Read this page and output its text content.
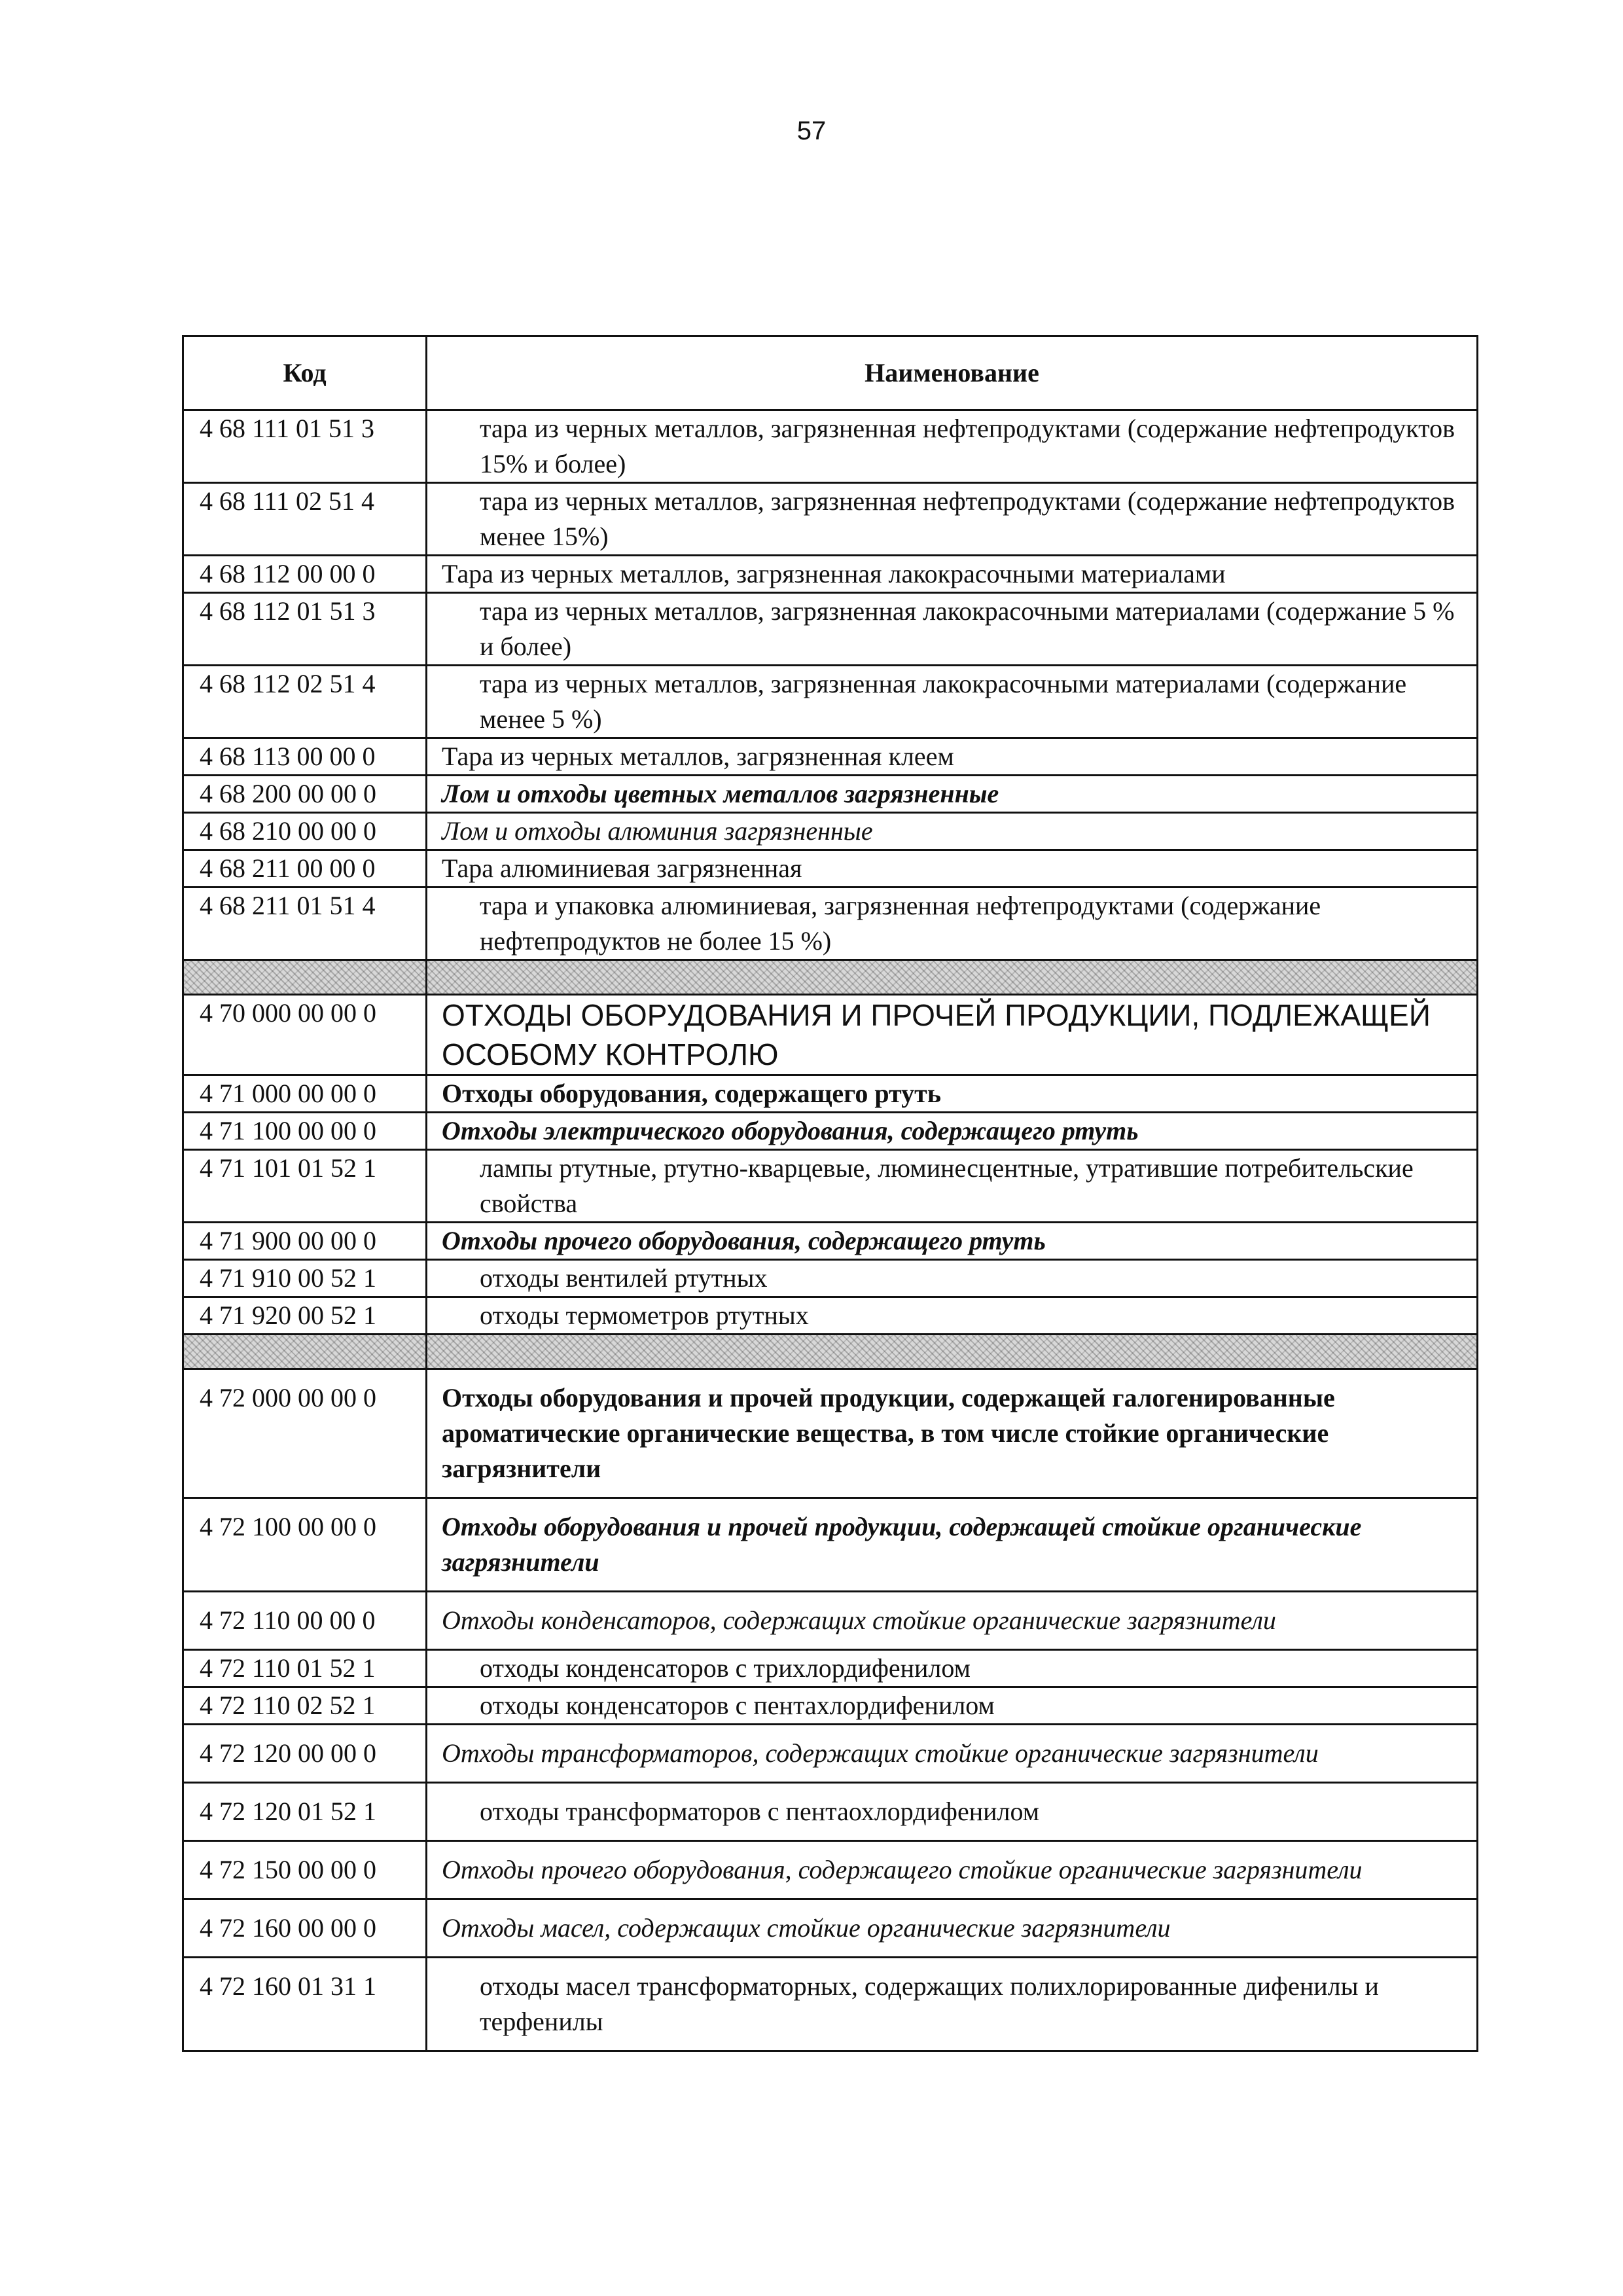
57
Код	Наименование
4 68 111 01 51 3	тара из черных металлов, загрязненная нефтепродуктами (содержание нефтепродуктов 15% и более)
4 68 111 02 51 4	тара из черных металлов, загрязненная нефтепродуктами (содержание нефтепродуктов менее 15%)
4 68 112 00 00 0	Тара из черных металлов, загрязненная лакокрасочными материалами
4 68 112 01 51 3	тара из черных металлов, загрязненная лакокрасочными материалами (содержание 5 % и более)
4 68 112 02 51 4	тара из черных металлов, загрязненная лакокрасочными материалами (содержание менее 5 %)
4 68 113 00 00 0	Тара из черных металлов, загрязненная клеем
4 68 200 00 00 0	Лом и отходы цветных металлов загрязненные
4 68 210 00 00 0	Лом и отходы алюминия загрязненные
4 68 211 00 00 0	Тара алюминиевая загрязненная
4 68 211 01 51 4	тара и упаковка алюминиевая, загрязненная нефтепродуктами (содержание нефтепродуктов не более 15 %)

4 70 000 00 00 0	ОТХОДЫ ОБОРУДОВАНИЯ И ПРОЧЕЙ ПРОДУКЦИИ, ПОДЛЕЖАЩЕЙ ОСОБОМУ КОНТРОЛЮ
4 71 000 00 00 0	Отходы оборудования, содержащего ртуть
4 71 100 00 00 0	Отходы электрического оборудования, содержащего ртуть
4 71 101 01 52 1	лампы ртутные, ртутно-кварцевые, люминесцентные, утратившие потребительские свойства
4 71 900 00 00 0	Отходы прочего оборудования, содержащего ртуть
4 71 910 00 52 1	отходы вентилей ртутных
4 71 920 00 52 1	отходы термометров ртутных

4 72 000 00 00 0	Отходы оборудования и прочей продукции, содержащей галогенированные ароматические органические вещества, в том числе стойкие органические загрязнители
4 72 100 00 00 0	Отходы оборудования и прочей продукции, содержащей стойкие органические загрязнители
4 72 110 00 00 0	Отходы конденсаторов, содержащих стойкие органические загрязнители
4 72 110 01 52 1	отходы конденсаторов с трихлордифенилом
4 72 110 02 52 1	отходы конденсаторов с пентахлордифенилом
4 72 120 00 00 0	Отходы трансформаторов, содержащих стойкие органические загрязнители
4 72 120 01 52 1	отходы трансформаторов с пентаохлордифенилом
4 72 150 00 00 0	Отходы прочего оборудования, содержащего стойкие органические загрязнители
4 72 160 00 00 0	Отходы масел, содержащих стойкие органические загрязнители
4 72 160 01 31 1	отходы масел трансформаторных, содержащих полихлорированные дифенилы и терфенилы
